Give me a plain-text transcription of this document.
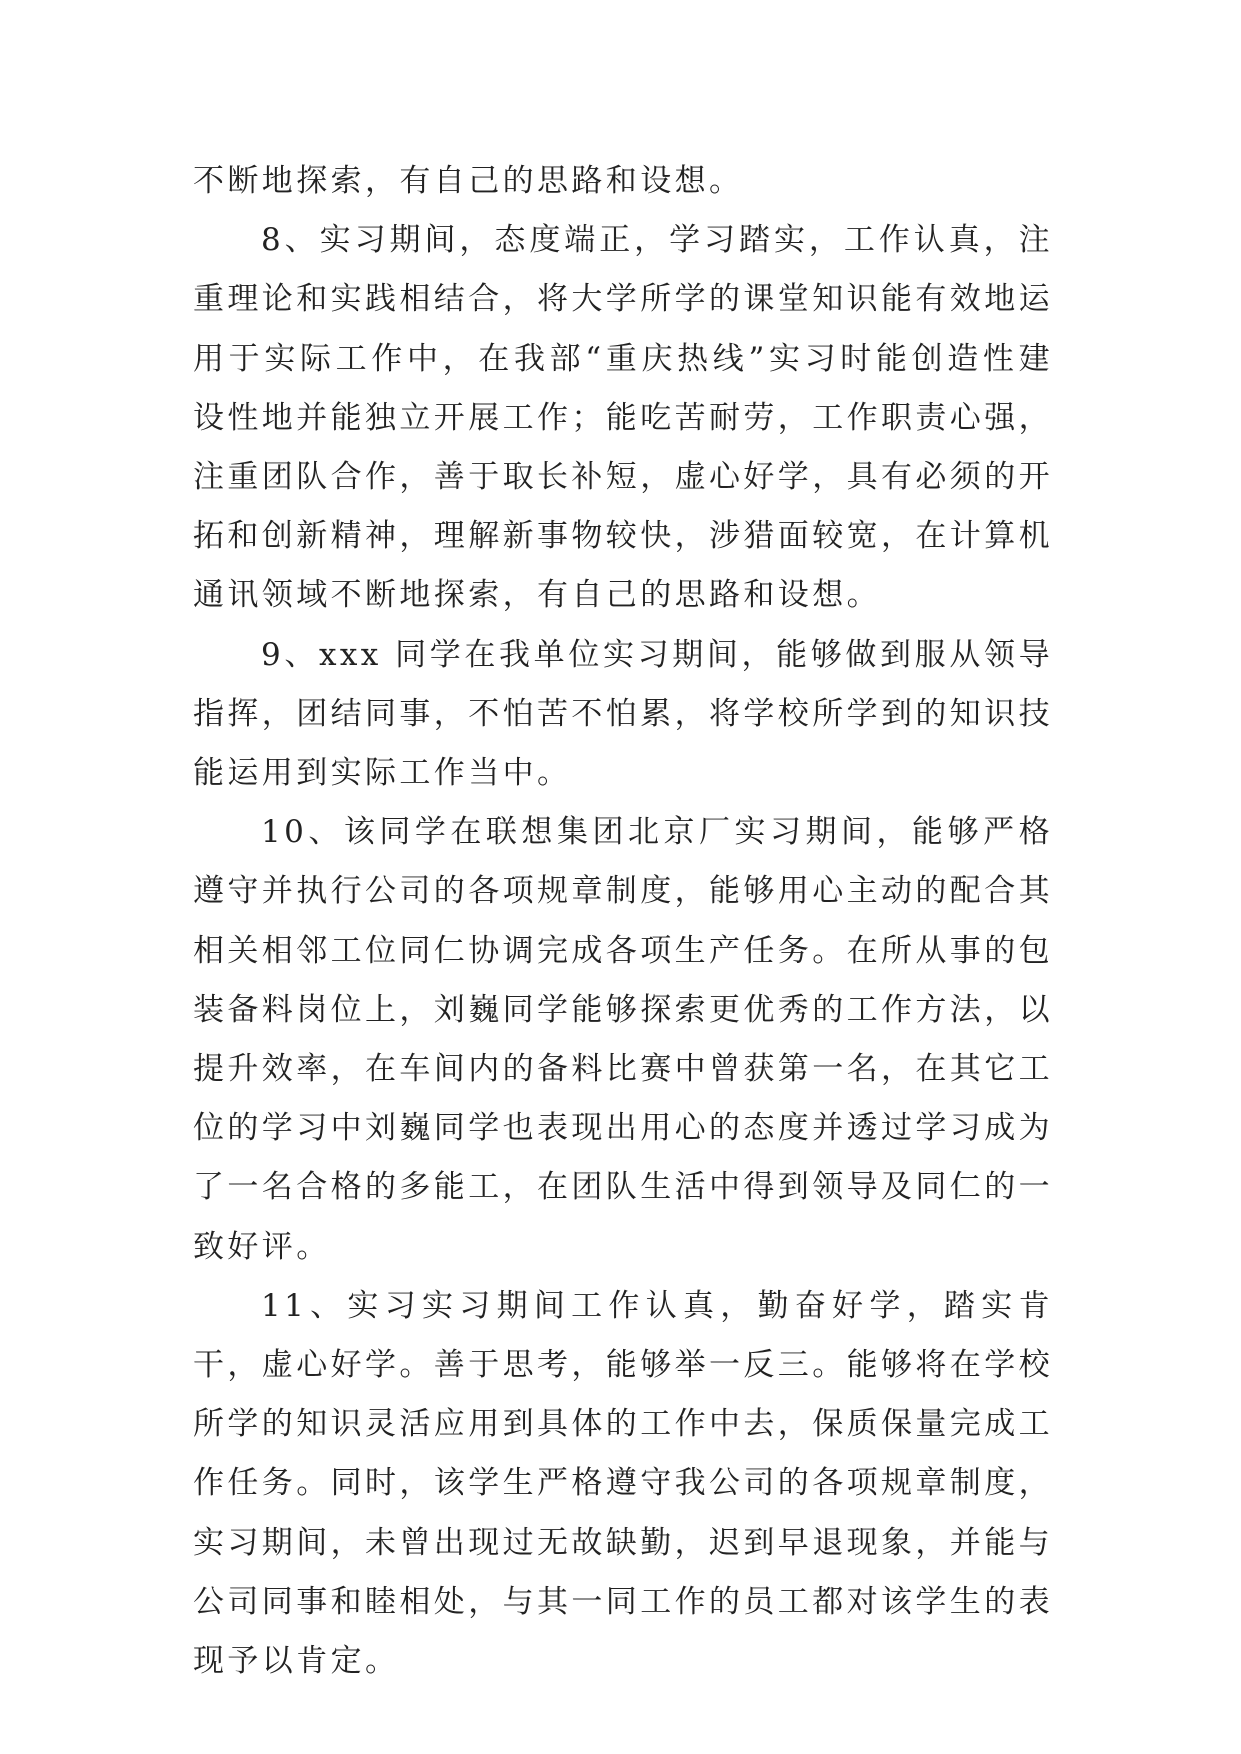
不断地探索，有自己的思路和设想。

8、实习期间，态度端正，学习踏实，工作认真，注重理论和实践相结合，将大学所学的课堂知识能有效地运用于实际工作中，在我部“重庆热线”实习时能创造性建设性地并能独立开展工作；能吃苦耐劳，工作职责心强，注重团队合作，善于取长补短，虚心好学，具有必须的开拓和创新精神，理解新事物较快，涉猎面较宽，在计算机通讯领域不断地探索，有自己的思路和设想。

9、xxx 同学在我单位实习期间，能够做到服从领导指挥，团结同事，不怕苦不怕累，将学校所学到的知识技能运用到实际工作当中。

10、该同学在联想集团北京厂实习期间，能够严格遵守并执行公司的各项规章制度，能够用心主动的配合其相关相邻工位同仁协调完成各项生产任务。在所从事的包装备料岗位上，刘巍同学能够探索更优秀的工作方法，以提升效率，在车间内的备料比赛中曾获第一名，在其它工位的学习中刘巍同学也表现出用心的态度并透过学习成为了一名合格的多能工，在团队生活中得到领导及同仁的一致好评。

11、实习实习期间工作认真，勤奋好学，踏实肯干，虚心好学。善于思考，能够举一反三。能够将在学校所学的知识灵活应用到具体的工作中去，保质保量完成工作任务。同时，该学生严格遵守我公司的各项规章制度，实习期间，未曾出现过无故缺勤，迟到早退现象，并能与公司同事和睦相处，与其一同工作的员工都对该学生的表现予以肯定。
